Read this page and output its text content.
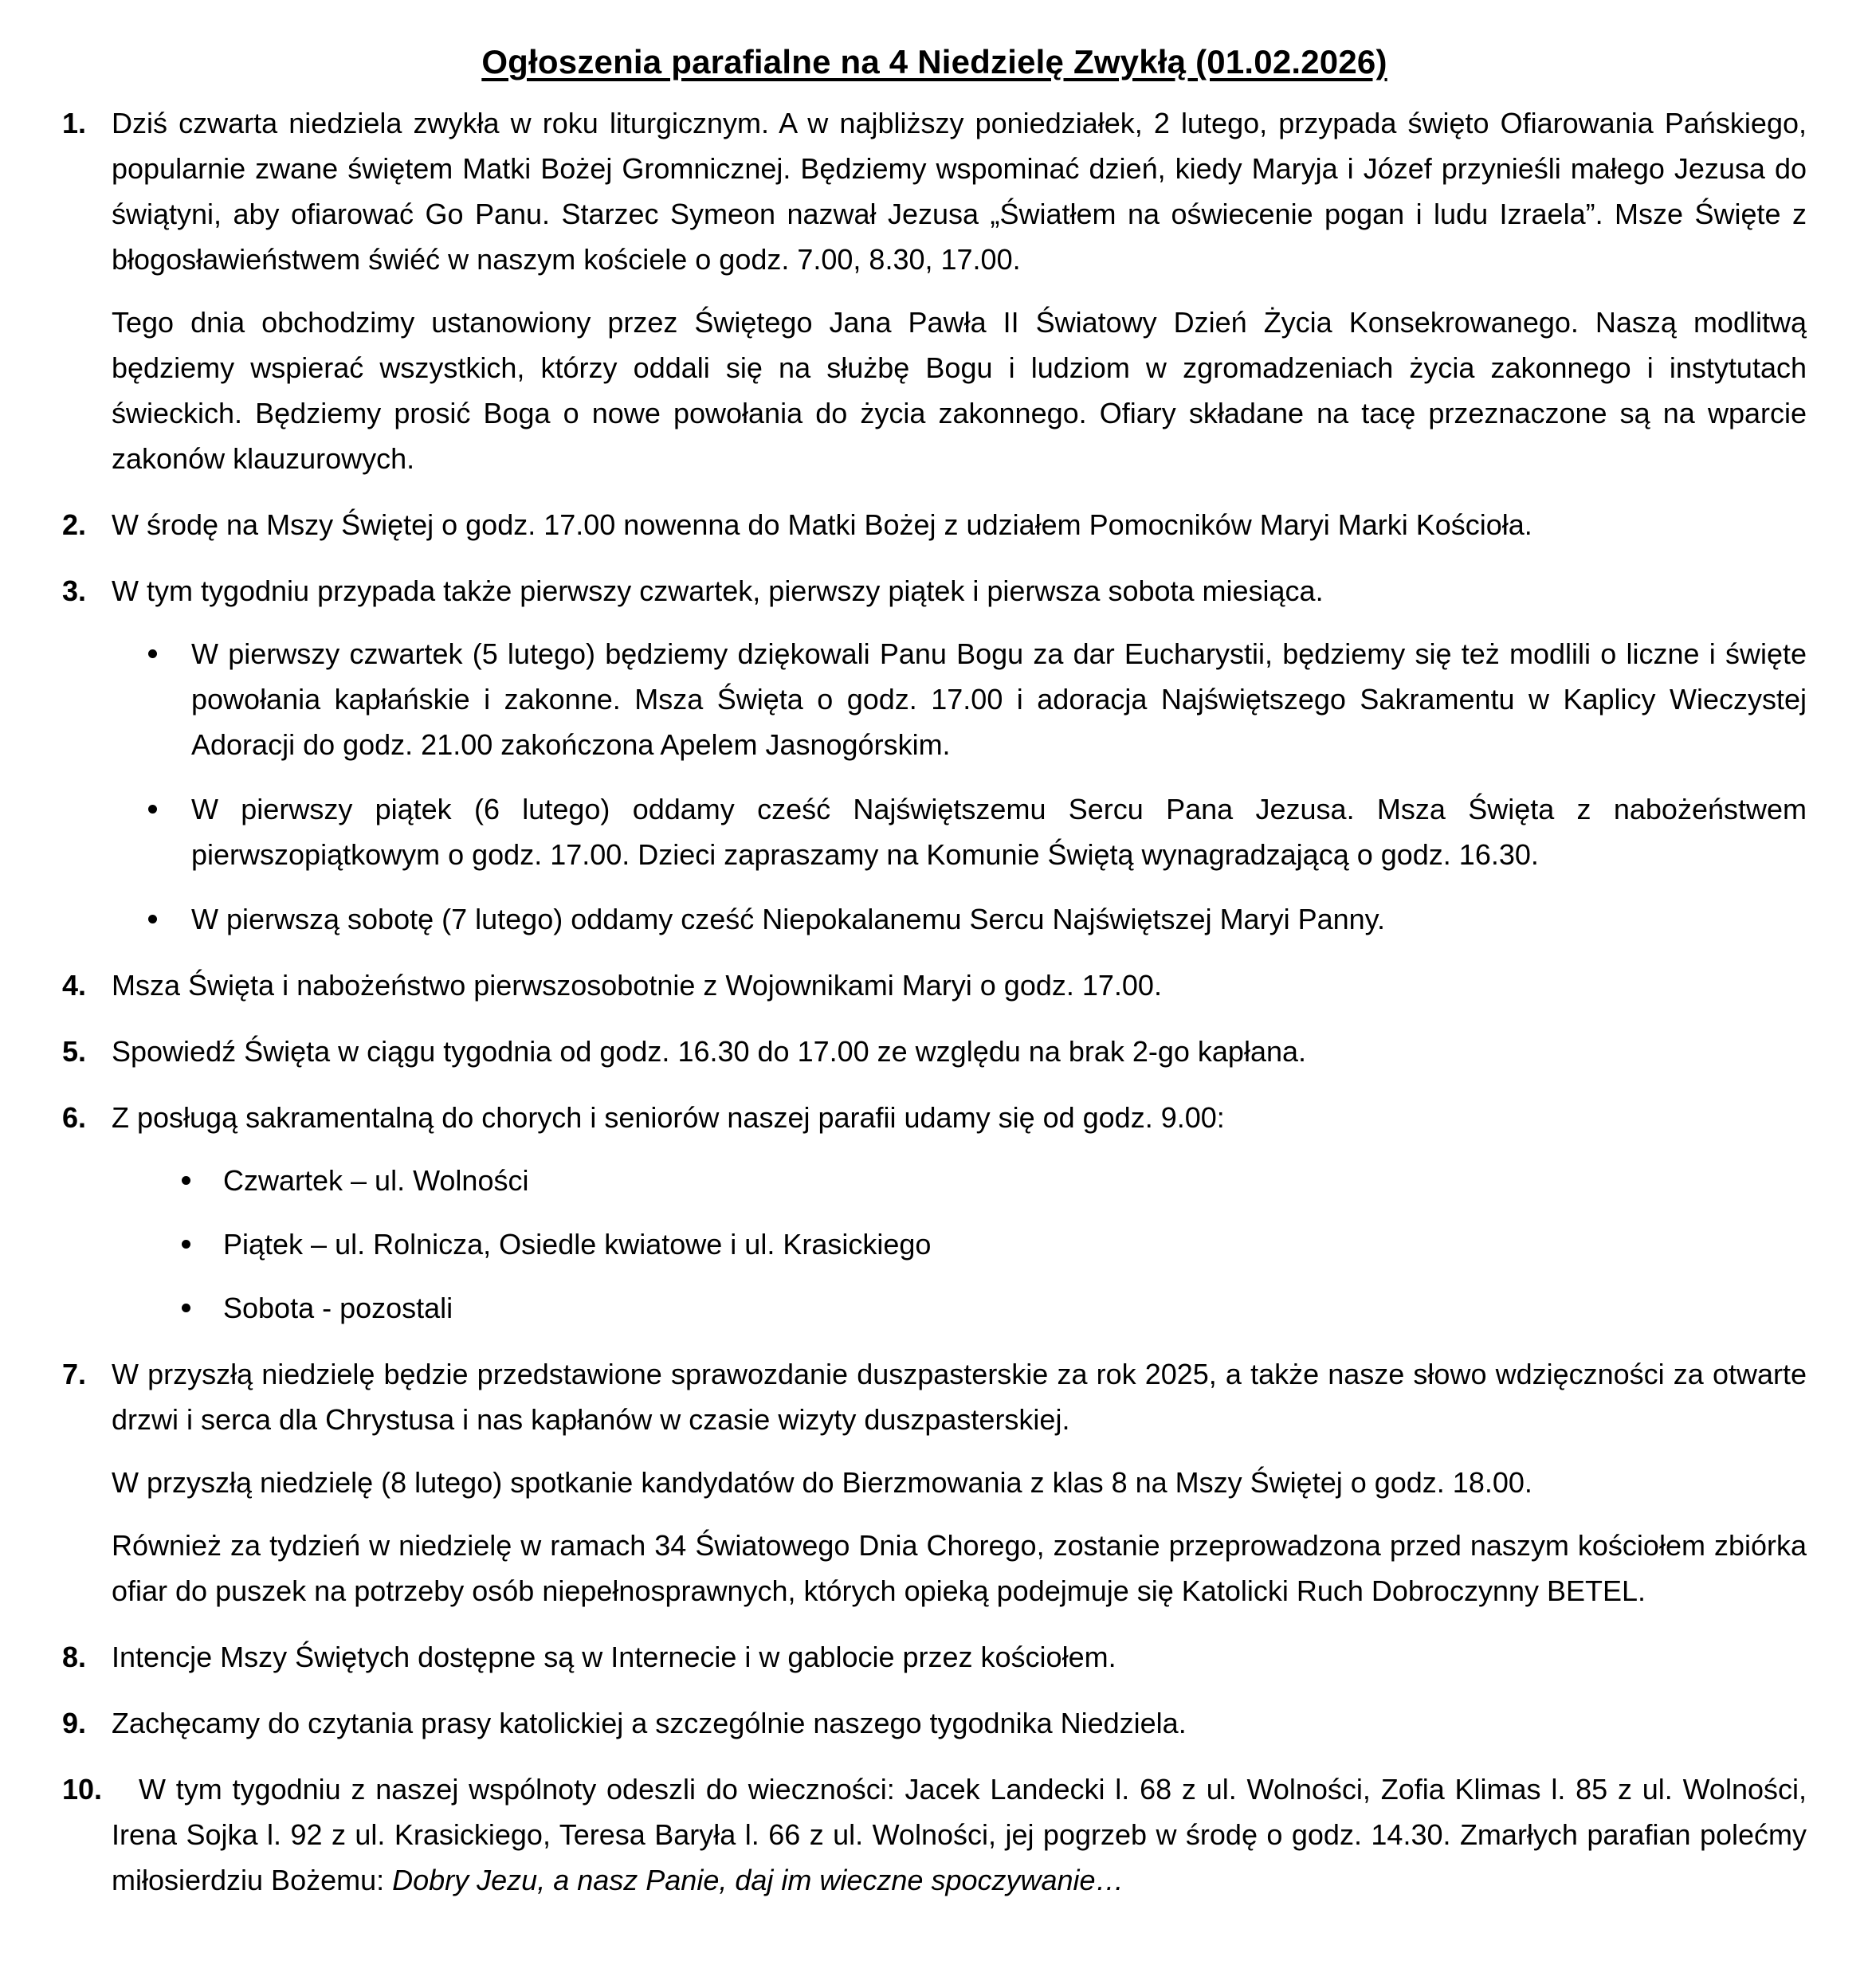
Ogłoszenia parafialne na 4 Niedzielę Zwykłą (01.02.2026)
1. Dziś czwarta niedziela zwykła w roku liturgicznym. A w najbliższy poniedziałek, 2 lutego, przypada święto Ofiarowania Pańskiego, popularnie zwane świętem Matki Bożej Gromnicznej. Będziemy wspominać dzień, kiedy Maryja i Józef przynieśli małego Jezusa do świątyni, aby ofiarować Go Panu. Starzec Symeon nazwał Jezusa „Światłem na oświecenie pogan i ludu Izraela”. Msze Święte z błogosławieństwem świéć w naszym kościele o godz. 7.00, 8.30, 17.00.

Tego dnia obchodzimy ustanowiony przez Świętego Jana Pawła II Światowy Dzień Życia Konsekrowanego. Naszą modlitwą będziemy wspierać wszystkich, którzy oddali się na służbę Bogu i ludziom w zgromadzeniach życia zakonnego i instytutach świeckich. Będziemy prosić Boga o nowe powołania do życia zakonnego. Ofiary składane na tacę przeznaczone są na wparcie zakonów klauzurowych.

2. W środę na Mszy Świętej o godz. 17.00 nowenna do Matki Bożej z udziałem Pomocników Maryi Marki Kościoła.

3. W tym tygodniu przypada także pierwszy czwartek, pierwszy piątek i pierwsza sobota miesiąca.

W pierwszy czwartek (5 lutego) będziemy dziękowali Panu Bogu za dar Eucharystii, będziemy się też modlili o liczne i święte powołania kapłańskie i zakonne. Msza Święta o godz. 17.00 i adoracja Najświętszego Sakramentu w Kaplicy Wieczystej Adoracji do godz. 21.00 zakończona Apelem Jasnogórskim.
W pierwszy piątek (6 lutego) oddamy cześć Najświętszemu Sercu Pana Jezusa. Msza Święta z nabożeństwem pierwszopiątkowym o godz. 17.00. Dzieci zapraszamy na Komunie Świętą wynagradzającą o godz. 16.30.
W pierwszą sobotę (7 lutego) oddamy cześć Niepokalanemu Sercu Najświętszej Maryi Panny.
4. Msza Święta i nabożeństwo pierwszosobotnie z Wojownikami Maryi o godz. 17.00.

5. Spowiedź Święta w ciągu tygodnia od godz. 16.30 do 17.00 ze względu na brak 2-go kapłana.

6. Z posługą sakramentalną do chorych i seniorów naszej parafii udamy się od godz. 9.00:

Czwartek – ul. Wolności
Piątek – ul. Rolnicza, Osiedle kwiatowe i ul. Krasickiego
Sobota - pozostali
7. W przyszłą niedzielę będzie przedstawione sprawozdanie duszpasterskie za rok 2025, a także nasze słowo wdzięczności za otwarte drzwi i serca dla Chrystusa i nas kapłanów w czasie wizyty duszpasterskiej.

W przyszłą niedzielę (8 lutego) spotkanie kandydatów do Bierzmowania z klas 8 na Mszy Świętej o godz. 18.00.

Również za tydzień w niedzielę w ramach 34 Światowego Dnia Chorego, zostanie przeprowadzona przed naszym kościołem zbiórka ofiar do puszek na potrzeby osób niepełnosprawnych, których opieką podejmuje się Katolicki Ruch Dobroczynny BETEL.

8. Intencje Mszy Świętych dostępne są w Internecie i w gablocie przez kościołem.

9. Zachęcamy do czytania prasy katolickiej a szczególnie naszego tygodnika Niedziela.

10.	W tym tygodniu z naszej wspólnoty odeszli do wieczności: Jacek Landecki l. 68 z ul. Wolności, Zofia Klimas l. 85 z ul. Wolności, Irena Sojka l. 92 z ul. Krasickiego, Teresa Baryła l. 66 z ul. Wolności, jej pogrzeb w środę o godz. 14.30. Zmarłych parafian polećmy miłosierdziu Bożemu: Dobry Jezu, a nasz Panie, daj im wieczne spoczywanie…
